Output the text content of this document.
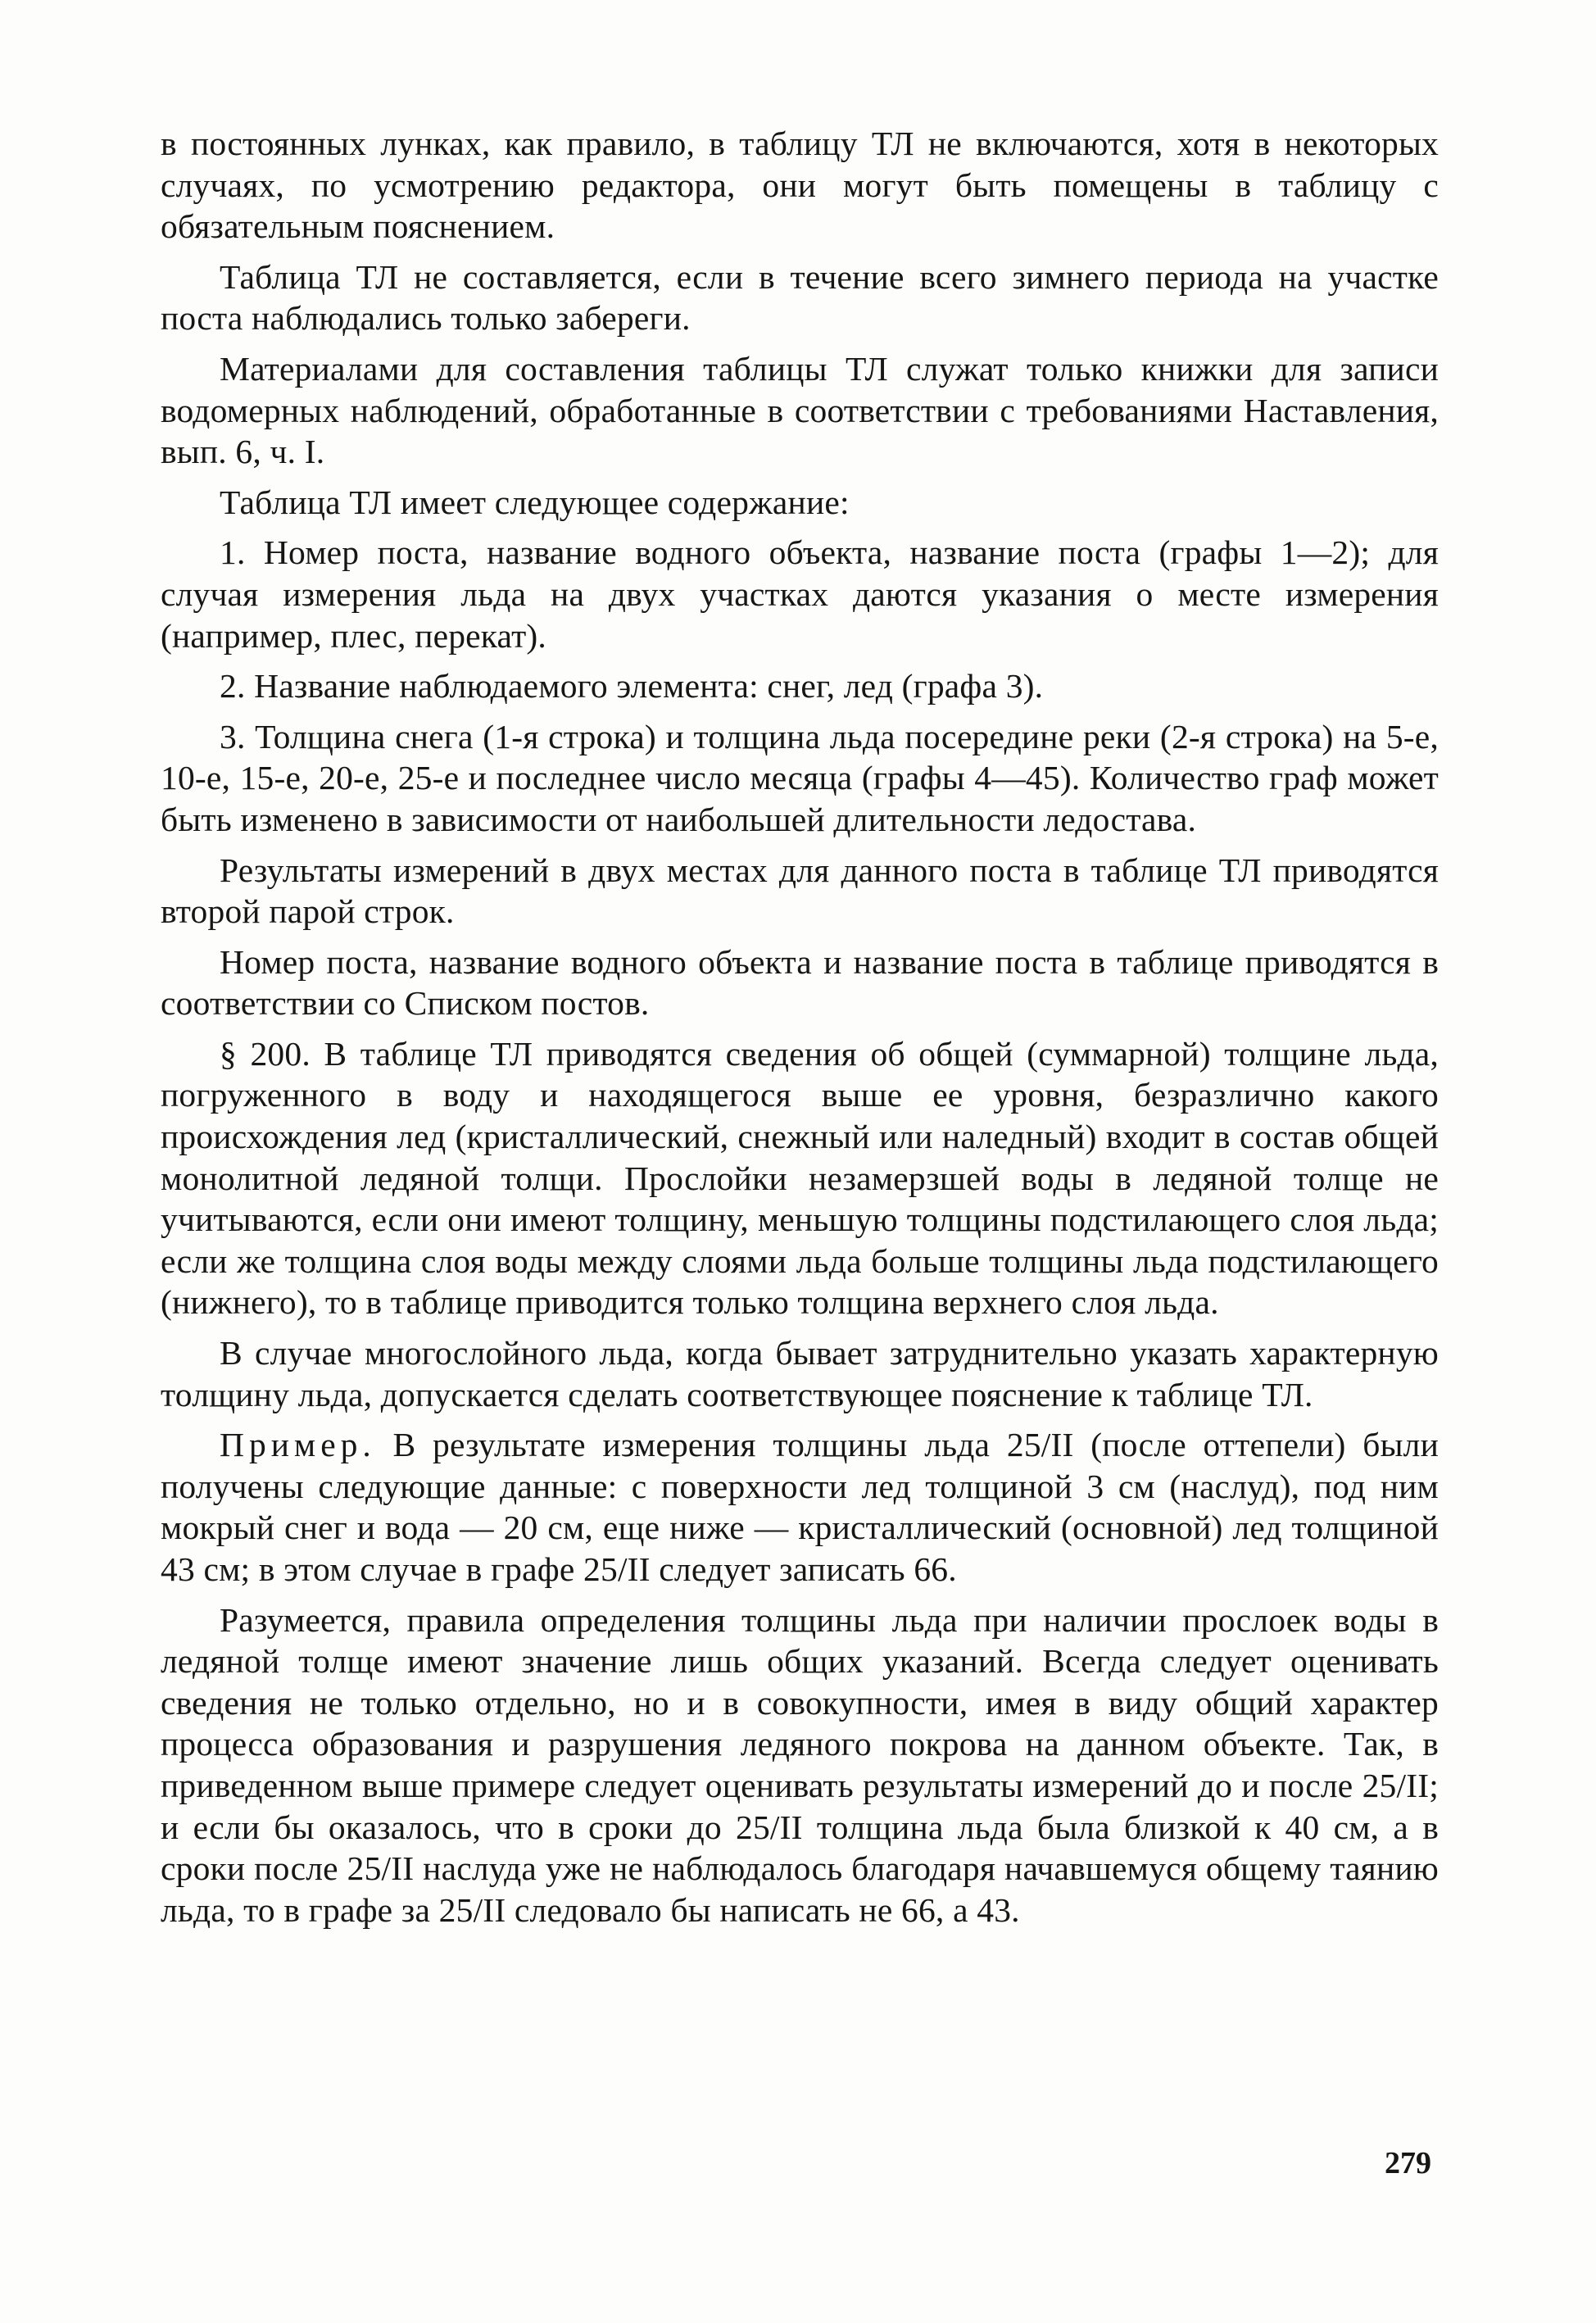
в постоянных лунках, как правило, в таблицу ТЛ не включаются, хотя в некоторых случаях, по усмотрению редактора, они могут быть помещены в таблицу с обязательным пояснением.

Таблица ТЛ не составляется, если в течение всего зимнего периода на участке поста наблюдались только забереги.

Материалами для составления таблицы ТЛ служат только книжки для записи водомерных наблюдений, обработанные в соответствии с требованиями Наставления, вып. 6, ч. I.

Таблица ТЛ имеет следующее содержание:

1. Номер поста, название водного объекта, название поста (графы 1—2); для случая измерения льда на двух участках даются указания о месте измерения (например, плес, перекат).

2. Название наблюдаемого элемента: снег, лед (графа 3).

3. Толщина снега (1-я строка) и толщина льда посередине реки (2-я строка) на 5-е, 10-е, 15-е, 20-е, 25-е и последнее число месяца (графы 4—45). Количество граф может быть изменено в зависимости от наибольшей длительности ледостава.

Результаты измерений в двух местах для данного поста в таблице ТЛ приводятся второй парой строк.

Номер поста, название водного объекта и название поста в таблице приводятся в соответствии со Списком постов.

§ 200. В таблице ТЛ приводятся сведения об общей (суммарной) толщине льда, погруженного в воду и находящегося выше ее уровня, безразлично какого происхождения лед (кристаллический, снежный или наледный) входит в состав общей монолитной ледяной толщи. Прослойки незамерзшей воды в ледяной толще не учитываются, если они имеют толщину, меньшую толщины подстилающего слоя льда; если же толщина слоя воды между слоями льда больше толщины льда подстилающего (нижнего), то в таблице приводится только толщина верхнего слоя льда.

В случае многослойного льда, когда бывает затруднительно указать характерную толщину льда, допускается сделать соответствующее пояснение к таблице ТЛ.

Пример. В результате измерения толщины льда 25/II (после оттепели) были получены следующие данные: с поверхности лед толщиной 3 см (наслуд), под ним мокрый снег и вода — 20 см, еще ниже — кристаллический (основной) лед толщиной 43 см; в этом случае в графе 25/II следует записать 66.

Разумеется, правила определения толщины льда при наличии прослоек воды в ледяной толще имеют значение лишь общих указаний. Всегда следует оценивать сведения не только отдельно, но и в совокупности, имея в виду общий характер процесса образования и разрушения ледяного покрова на данном объекте. Так, в приведенном выше примере следует оценивать результаты измерений до и после 25/II; и если бы оказалось, что в сроки до 25/II толщина льда была близкой к 40 см, а в сроки после 25/II наслуда уже не наблюдалось благодаря начавшемуся общему таянию льда, то в графе за 25/II следовало бы написать не 66, а 43.

279
